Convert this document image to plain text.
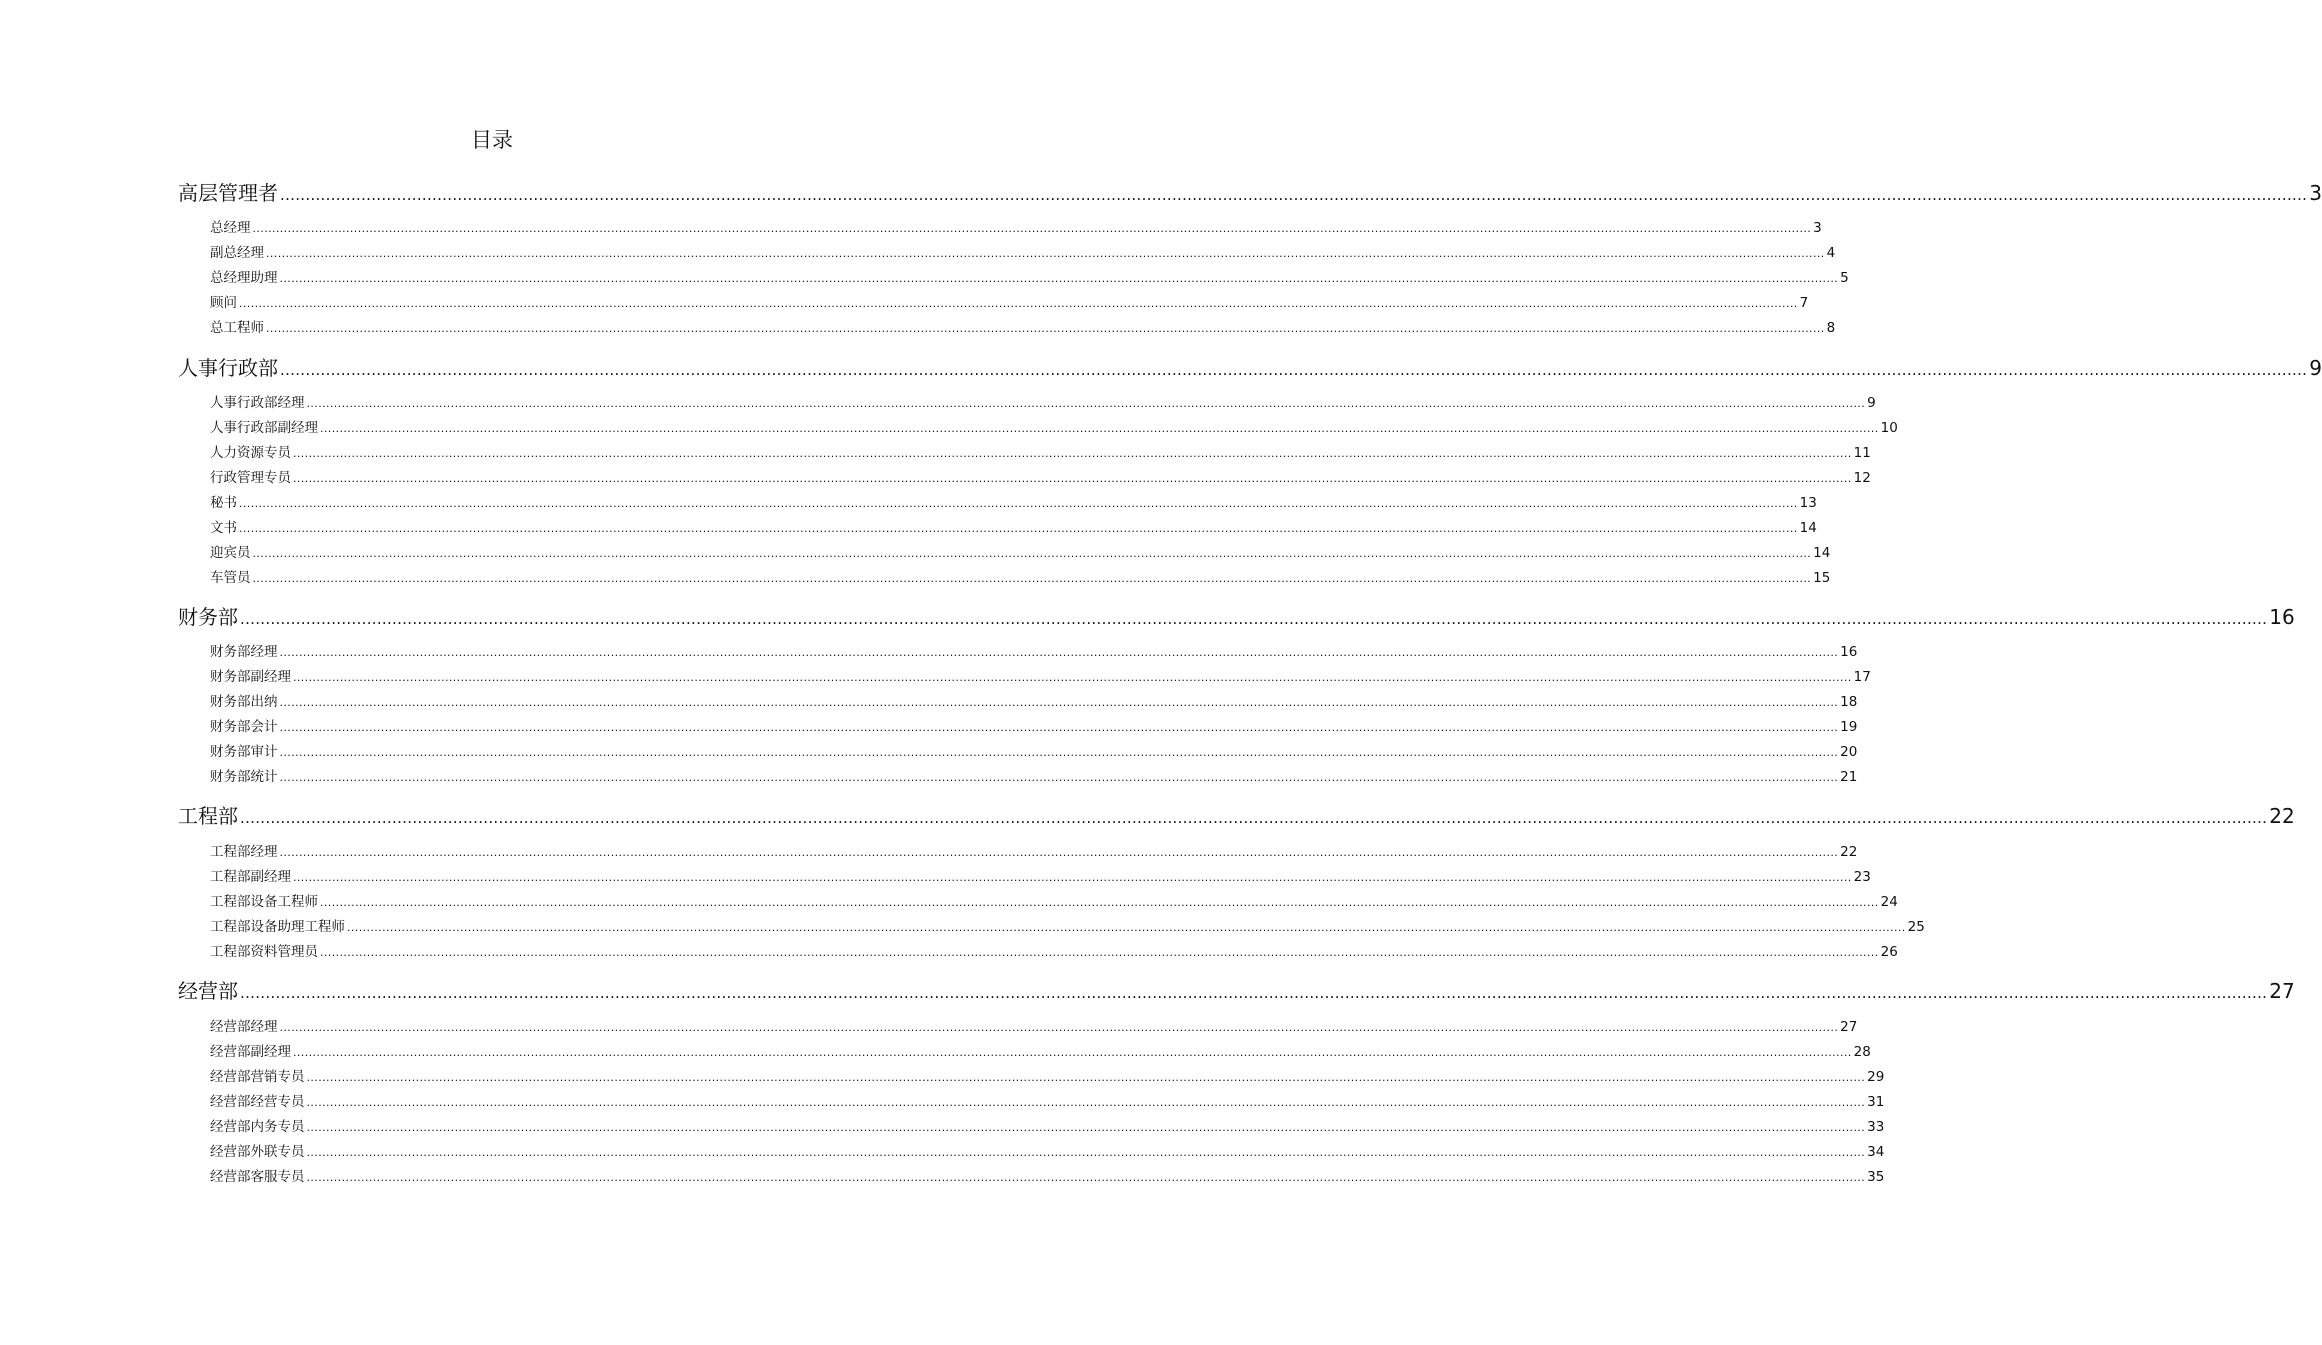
目录
高层管理者 ................................................................................................................................................................................................................................................................................................................................................................................................................ 3
总经理 ................................................................................................................................................................................................................................................................................................................................................................................................................ 3
副总经理 ................................................................................................................................................................................................................................................................................................................................................................................................................ 4
总经理助理 ................................................................................................................................................................................................................................................................................................................................................................................................................ 5
顾问 ................................................................................................................................................................................................................................................................................................................................................................................................................ 7
总工程师 ................................................................................................................................................................................................................................................................................................................................................................................................................ 8
人事行政部 ................................................................................................................................................................................................................................................................................................................................................................................................................ 9
人事行政部经理 ................................................................................................................................................................................................................................................................................................................................................................................................................ 9
人事行政部副经理 ................................................................................................................................................................................................................................................................................................................................................................................................................ 10
人力资源专员 ................................................................................................................................................................................................................................................................................................................................................................................................................ 11
行政管理专员 ................................................................................................................................................................................................................................................................................................................................................................................................................ 12
秘书 ................................................................................................................................................................................................................................................................................................................................................................................................................ 13
文书 ................................................................................................................................................................................................................................................................................................................................................................................................................ 14
迎宾员 ................................................................................................................................................................................................................................................................................................................................................................................................................ 14
车管员 ................................................................................................................................................................................................................................................................................................................................................................................................................ 15
财务部 ................................................................................................................................................................................................................................................................................................................................................................................................................ 16
财务部经理 ................................................................................................................................................................................................................................................................................................................................................................................................................ 16
财务部副经理 ................................................................................................................................................................................................................................................................................................................................................................................................................ 17
财务部出纳 ................................................................................................................................................................................................................................................................................................................................................................................................................ 18
财务部会计 ................................................................................................................................................................................................................................................................................................................................................................................................................ 19
财务部审计 ................................................................................................................................................................................................................................................................................................................................................................................................................ 20
财务部统计 ................................................................................................................................................................................................................................................................................................................................................................................................................ 21
工程部 ................................................................................................................................................................................................................................................................................................................................................................................................................ 22
工程部经理 ................................................................................................................................................................................................................................................................................................................................................................................................................ 22
工程部副经理 ................................................................................................................................................................................................................................................................................................................................................................................................................ 23
工程部设备工程师 ................................................................................................................................................................................................................................................................................................................................................................................................................ 24
工程部设备助理工程师 ................................................................................................................................................................................................................................................................................................................................................................................................................ 25
工程部资料管理员 ................................................................................................................................................................................................................................................................................................................................................................................................................ 26
经营部 ................................................................................................................................................................................................................................................................................................................................................................................................................ 27
经营部经理 ................................................................................................................................................................................................................................................................................................................................................................................................................ 27
经营部副经理 ................................................................................................................................................................................................................................................................................................................................................................................................................ 28
经营部营销专员 ................................................................................................................................................................................................................................................................................................................................................................................................................ 29
经营部经营专员 ................................................................................................................................................................................................................................................................................................................................................................................................................ 31
经营部内务专员 ................................................................................................................................................................................................................................................................................................................................................................................................................ 33
经营部外联专员 ................................................................................................................................................................................................................................................................................................................................................................................................................ 34
经营部客服专员 ................................................................................................................................................................................................................................................................................................................................................................................................................ 35
